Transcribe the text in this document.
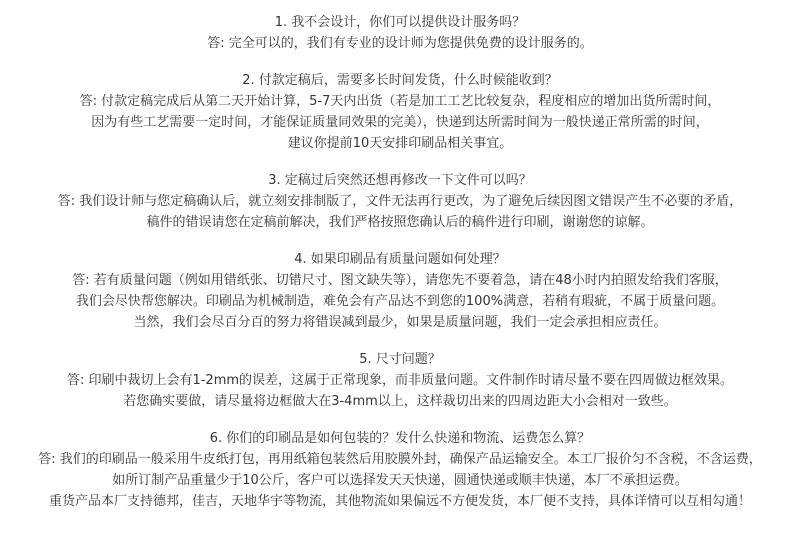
1. 我不会设计，你们可以提供设计服务吗？
答: 完全可以的，我们有专业的设计师为您提供免费的设计服务的。
2. 付款定稿后，需要多长时间发货，什么时候能收到？
答: 付款定稿完成后从第二天开始计算，5-7天内出货（若是加工工艺比较复杂，程度相应的增加出货所需时间，
因为有些工艺需要一定时间，才能保证质量同效果的完美），快递到达所需时间为一般快递正常所需的时间，
建议你提前10天安排印刷品相关事宜。
3. 定稿过后突然还想再修改一下文件可以吗？
答: 我们设计师与您定稿确认后，就立刻安排制版了，文件无法再行更改，为了避免后续因图文错误产生不必要的矛盾，
稿件的错误请您在定稿前解决，我们严格按照您确认后的稿件进行印刷，谢谢您的谅解。
4. 如果印刷品有质量问题如何处理？
答: 若有质量问题（例如用错纸张、切错尺寸、图文缺失等），请您先不要着急，请在48小时内拍照发给我们客服，
我们会尽快帮您解决。印刷品为机械制造，难免会有产品达不到您的100%满意，若稍有瑕疵，不属于质量问题。
当然，我们会尽百分百的努力将错误减到最少，如果是质量问题，我们一定会承担相应责任。
5. 尺寸问题？
答: 印刷中裁切上会有1-2mm的误差，这属于正常现象，而非质量问题。文件制作时请尽量不要在四周做边框效果。
若您确实要做，请尽量将边框做大在3-4mm以上，这样裁切出来的四周边距大小会相对一致些。
6. 你们的印刷品是如何包装的？发什么快递和物流、运费怎么算？
答: 我们的印刷品一般采用牛皮纸打包，再用纸箱包装然后用胶膜外封，确保产品运输安全。本工厂报价匀不含税，不含运费，
如所订制产品重量少于10公斤，客户可以选择发天天快递，圆通快递或顺丰快递，本厂不承担运费。
重货产品本厂支持德邦，佳吉，天地华宇等物流，其他物流如果偏远不方便发货，本厂便不支持，具体详情可以互相勾通！
